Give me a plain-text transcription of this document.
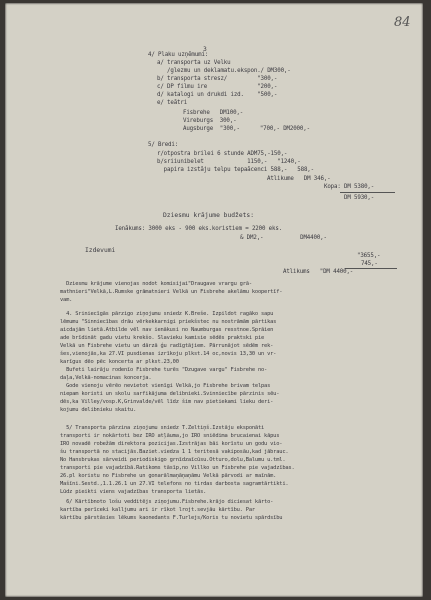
3
84
4/ Plaku uzņēmumi:
a/ transporta uz Velku
/glezmu un deklamatu.ekspon./ DM300,-
b/ transporta stresz/         "300,-
c/ DP filmu ire               "200,-
d/ katalogi un drukdi izd.    "500,-
e/ teātri
Fisbrehe   DM100,-
Vireburgs  300,-
Augsburge  "300,-      "700,- DM2000,-
5/ Bredi:
r/otpostra brilei 6 stunde ADM75,-150,-
b/sriiunibelet             1150,-   "1240,-
papira izstāju telpu tepaācenci 588,-   588,-
Atlikume   DM 346,-
Kopa: DM 5380,-
DM 5930,-
Dziesmu krājume budžets:
Ienākums: 3000 eks - 900 eks.koristiem = 2200 eks.
& DM2,-           DM4400,-
Izdevumi
"3655,-
745,-
Atlikums   "DM 4400,-
Dziesmu krājume vienojas nodot komisijai"Draugave vrargu grā-
mathnieri"Velkā,L.Rumske grāmatnieri Velkā un Fisbrehe akelāmu koopertīf-
vam.
4. Sriniecīgās pārzigo ziņojumu sniedz K.Breše. Izpildot ragāko sapu
lēmumu "Sinniecības drāu vērkekkarnigi priekšstec nu nostrāmām pārtikas
aicdajām lietā.Atbilde vēl nav ienākusi no Naumburgas resstnoe.Sprāien
ade brīdināt gadu vietu krekšo. Slavieku kamisie sēdēs praktski pie
Velkā un Fisbrehe vietu un dārzā ģu radīgtājiem. Pārrunājot sēdēm rek-
šes,vienojās,ka 27.VI pusdienas izrīkoju plkst.14 oc,novis 13,30 un vr-
karīgus dēo pēc koncerta ar plkst.23,00
Bufeti lairāju rodenīo Fisbrehe turēs "Dzugave vargu" Fisbrehe no-
daļa,Velkā-nomacinas koncerja.
Gode vienoju vērēo nevietot vienīgi Velkā,jo Fisbrehe brivam telpas
niepam koristi un skolu sarfikājuma delibnieki.Svinniecībe pārzinis sēu-
dēs,ka Villey/vosp.K,Grinvalde/vēl līdz šim nav pietiekami lieku deri-
kojumu delibnieku skaitu.
5/ Transporta pārzina ziņojumu sniedz T.Zeltiņš.Izstāju eksponāti
transporti ir nokārtoti bez IRO atļāuma,jo IRO sniēdima brucaienai kāpus
IRO novadē robežām direktora pozicijas.Izstrājas bāi korīstu un godu vio-
šu transportā no stacijās.Baziet.viedza 1 1 teritesā vakiposāu,kad jābrauc.
No Hansbrukas sārveidi periodiskigo grnīdzaīcūsu.Otturo,dolu,Balumu u.tml.
transporti pie vajadzībā.Ratikoms tāsīp,no Villko un Fisbrehe pie vajadzības.
26.pl koristu no Fisbrehe un gonarālmaņāņaņāmu Velkā pārvodi ar maīnām.
Mašīni.Sestd.,1.1.26.1 un 27.VI telefons no tirdas darbosta sagramtārtikti.
Lūdz pieikti viens vajadzības transporta lietās.
6/ Kārtībnoto lošu vedditējs ziņojumu.Fisbrehe.krājo diciesat kārto-
kartība perīceki kalljumu ari ir rīkot lrojt.sevjāu kārtību. Par
kārtību pārstāsies lēkums kaonedants F.Turlejs/Koris tu novietu spārdsību
